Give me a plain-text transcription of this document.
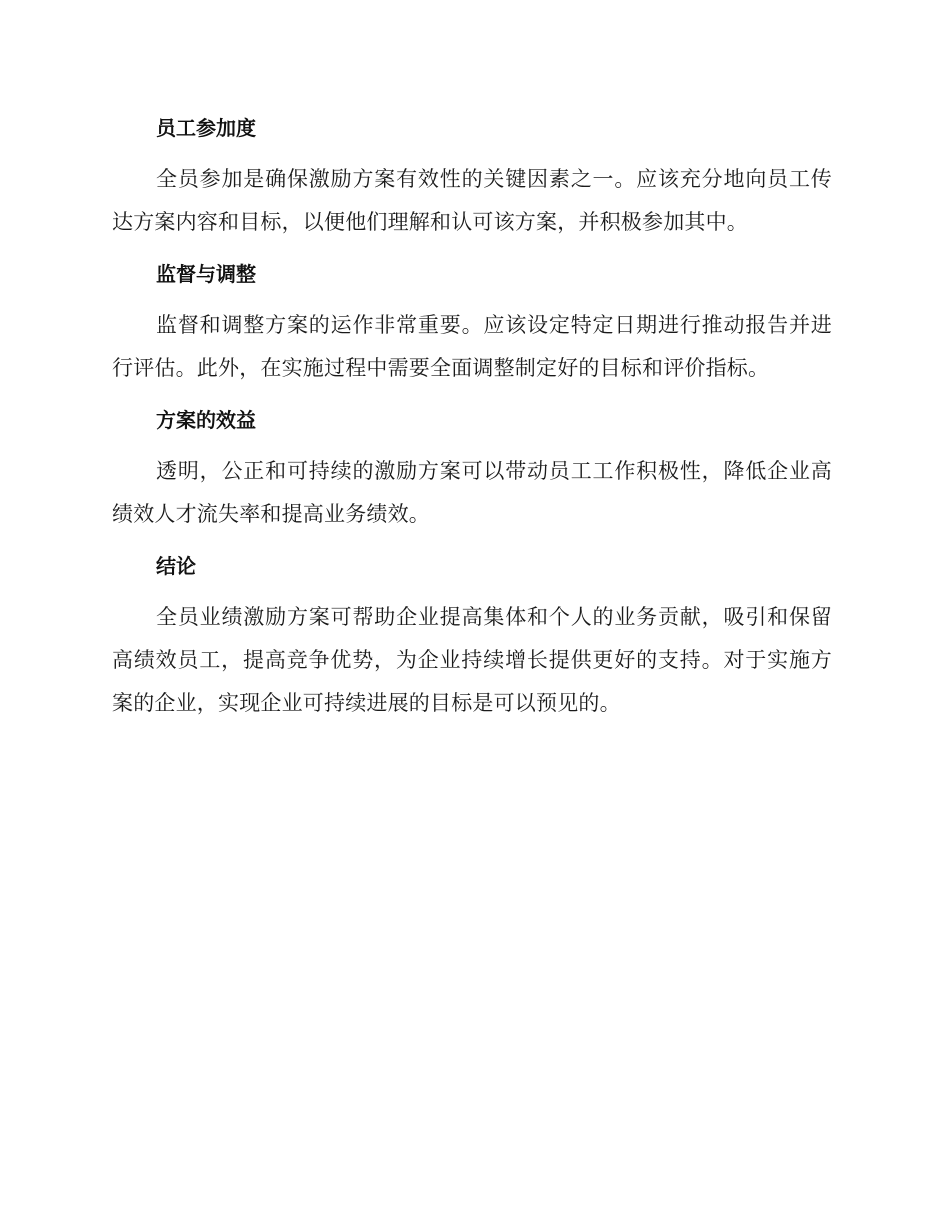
员工参加度

全员参加是确保激励方案有效性的关键因素之一。应该充分地向员工传达方案内容和目标，以便他们理解和认可该方案，并积极参加其中。

监督与调整

监督和调整方案的运作非常重要。应该设定特定日期进行推动报告并进行评估。此外，在实施过程中需要全面调整制定好的目标和评价指标。

方案的效益

透明，公正和可持续的激励方案可以带动员工工作积极性，降低企业高绩效人才流失率和提高业务绩效。

结论

全员业绩激励方案可帮助企业提高集体和个人的业务贡献，吸引和保留高绩效员工，提高竞争优势，为企业持续增长提供更好的支持。对于实施方案的企业，实现企业可持续进展的目标是可以预见的。
